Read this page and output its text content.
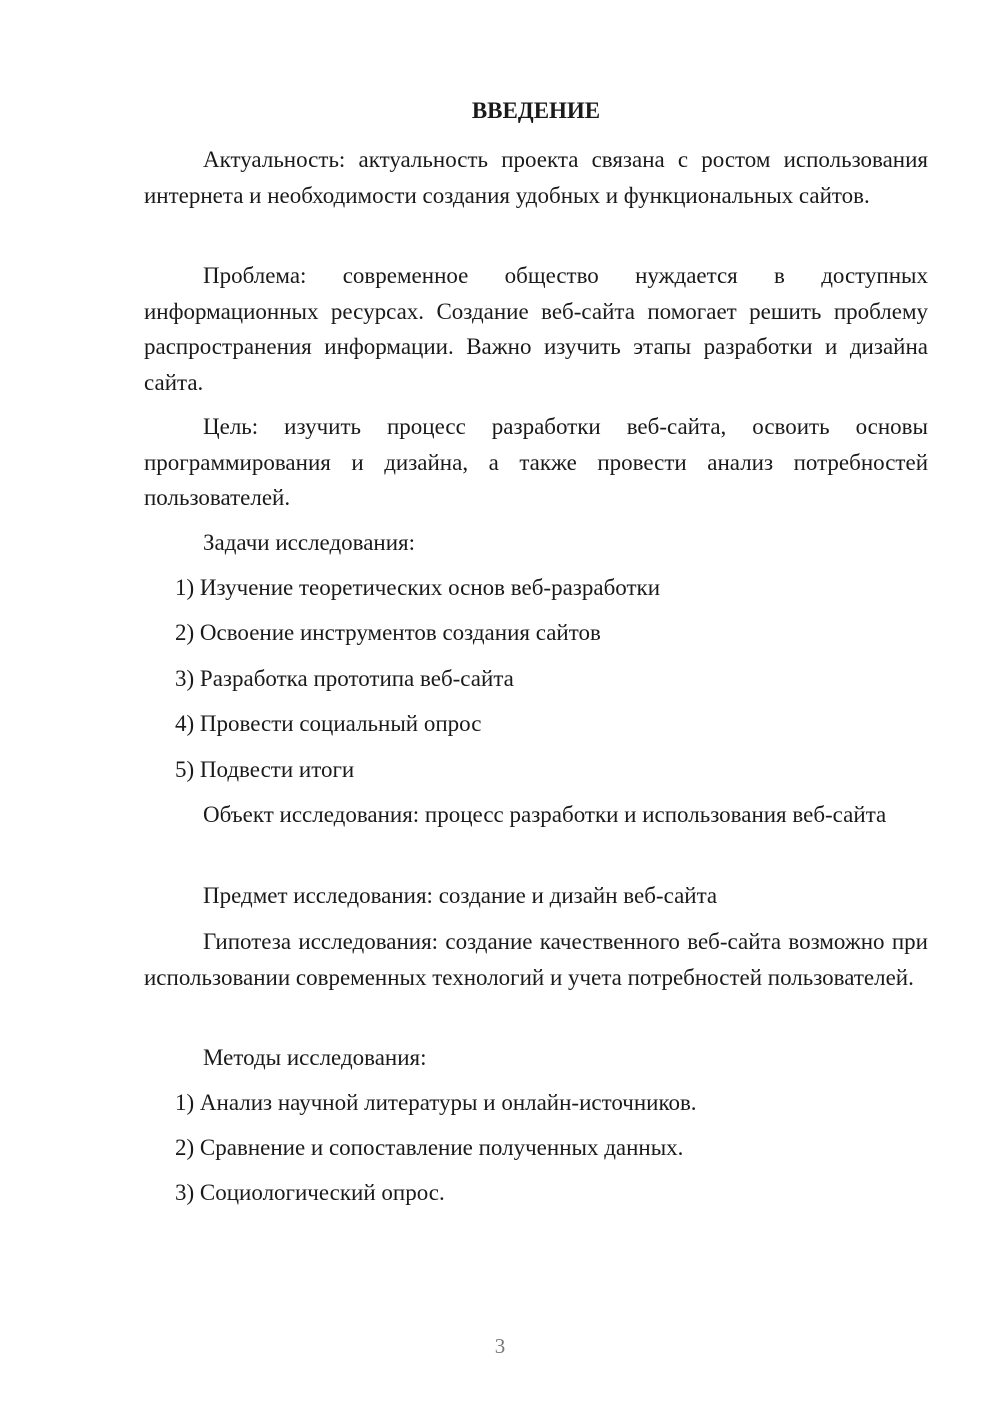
ВВЕДЕНИЕ

Актуальность: актуальность проекта связана с ростом использования интернета и необходимости создания удобных и функциональных сайтов.

Проблема: современное общество нуждается в доступных информационных ресурсах. Создание веб-сайта помогает решить проблему распространения информации. Важно изучить этапы разработки и дизайна сайта.

Цель: изучить процесс разработки веб-сайта, освоить основы программирования и дизайна, а также провести анализ потребностей пользователей.

Задачи исследования:
1) Изучение теоретических основ веб-разработки
2) Освоение инструментов создания сайтов
3) Разработка прототипа веб-сайта
4) Провести социальный опрос
5) Подвести итоги

Объект исследования: процесс разработки и использования веб-сайта

Предмет исследования: создание и дизайн веб-сайта

Гипотеза исследования: создание качественного веб-сайта возможно при использовании современных технологий и учета потребностей пользователей.

Методы исследования:
1) Анализ научной литературы и онлайн-источников.
2) Сравнение и сопоставление полученных данных.
3) Социологический опрос.
3
